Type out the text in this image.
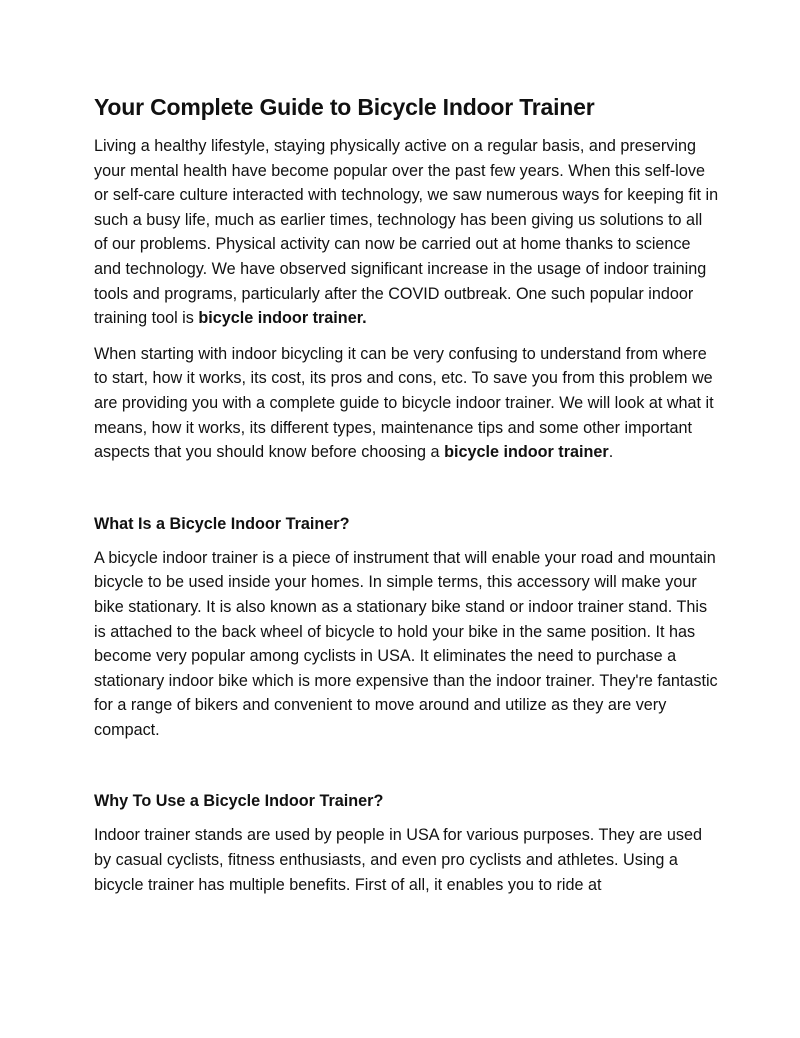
Your Complete Guide to Bicycle Indoor Trainer

Living a healthy lifestyle, staying physically active on a regular basis, and preserving your mental health have become popular over the past few years. When this self-love or self-care culture interacted with technology, we saw numerous ways for keeping fit in such a busy life, much as earlier times, technology has been giving us solutions to all of our problems. Physical activity can now be carried out at home thanks to science and technology. We have observed significant increase in the usage of indoor training tools and programs, particularly after the COVID outbreak. One such popular indoor training tool is bicycle indoor trainer.

When starting with indoor bicycling it can be very confusing to understand from where to start, how it works, its cost, its pros and cons, etc. To save you from this problem we are providing you with a complete guide to bicycle indoor trainer. We will look at what it means, how it works, its different types, maintenance tips and some other important aspects that you should know before choosing a bicycle indoor trainer.

What Is a Bicycle Indoor Trainer?

A bicycle indoor trainer is a piece of instrument that will enable your road and mountain bicycle to be used inside your homes. In simple terms, this accessory will make your bike stationary. It is also known as a stationary bike stand or indoor trainer stand. This is attached to the back wheel of bicycle to hold your bike in the same position. It has become very popular among cyclists in USA. It eliminates the need to purchase a stationary indoor bike which is more expensive than the indoor trainer. They're fantastic for a range of bikers and convenient to move around and utilize as they are very compact.

Why To Use a Bicycle Indoor Trainer?

Indoor trainer stands are used by people in USA for various purposes. They are used by casual cyclists, fitness enthusiasts, and even pro cyclists and athletes. Using a bicycle trainer has multiple benefits. First of all, it enables you to ride at
